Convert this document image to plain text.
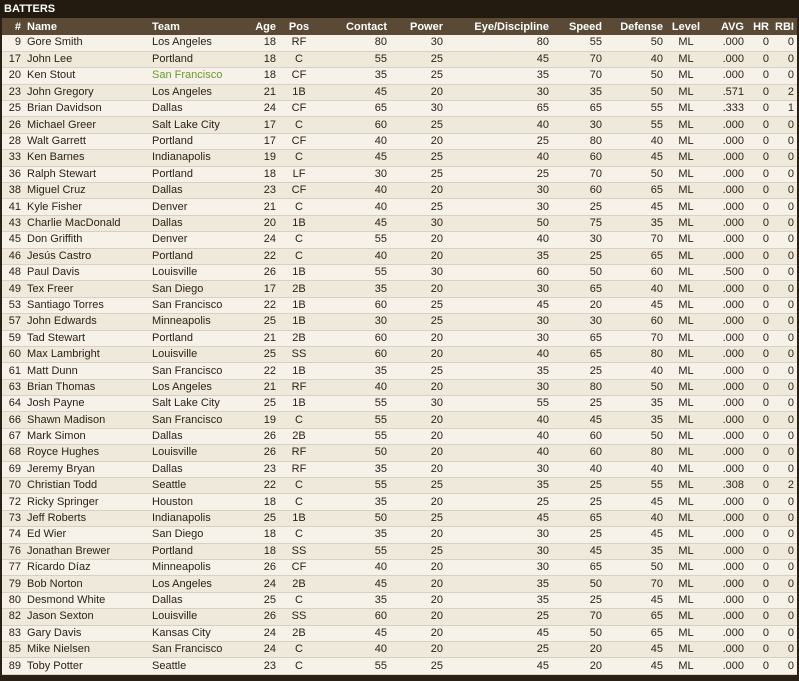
BATTERS
#	Name	Team	Age	Pos	Contact	Power	Eye/Discipline	Speed	Defense	Level	AVG	HR	RBI
9	Gore Smith	Los Angeles	18	RF	80	30	80	55	50	ML	.000	0	0
17	John Lee	Portland	18	C	55	25	45	70	40	ML	.000	0	0
20	Ken Stout	San Francisco	18	CF	35	25	35	70	50	ML	.000	0	0
23	John Gregory	Los Angeles	21	1B	45	20	30	35	50	ML	.571	0	2
25	Brian Davidson	Dallas	24	CF	65	30	65	65	55	ML	.333	0	1
26	Michael Greer	Salt Lake City	17	C	60	25	40	30	55	ML	.000	0	0
28	Walt Garrett	Portland	17	CF	40	20	25	80	40	ML	.000	0	0
33	Ken Barnes	Indianapolis	19	C	45	25	40	60	45	ML	.000	0	0
36	Ralph Stewart	Portland	18	LF	30	25	25	70	50	ML	.000	0	0
38	Miguel Cruz	Dallas	23	CF	40	20	30	60	65	ML	.000	0	0
41	Kyle Fisher	Denver	21	C	40	25	30	25	45	ML	.000	0	0
43	Charlie MacDonald	Dallas	20	1B	45	30	50	75	35	ML	.000	0	0
45	Don Griffith	Denver	24	C	55	20	40	30	70	ML	.000	0	0
46	Jesús Castro	Portland	22	C	40	20	35	25	65	ML	.000	0	0
48	Paul Davis	Louisville	26	1B	55	30	60	50	60	ML	.500	0	0
49	Tex Freer	San Diego	17	2B	35	20	30	65	40	ML	.000	0	0
53	Santiago Torres	San Francisco	22	1B	60	25	45	20	45	ML	.000	0	0
57	John Edwards	Minneapolis	25	1B	30	25	30	30	60	ML	.000	0	0
59	Tad Stewart	Portland	21	2B	60	20	30	65	70	ML	.000	0	0
60	Max Lambright	Louisville	25	SS	60	20	40	65	80	ML	.000	0	0
61	Matt Dunn	San Francisco	22	1B	35	25	35	25	40	ML	.000	0	0
63	Brian Thomas	Los Angeles	21	RF	40	20	30	80	50	ML	.000	0	0
64	Josh Payne	Salt Lake City	25	1B	55	30	55	25	35	ML	.000	0	0
66	Shawn Madison	San Francisco	19	C	55	20	40	45	35	ML	.000	0	0
67	Mark Simon	Dallas	26	2B	55	20	40	60	50	ML	.000	0	0
68	Royce Hughes	Louisville	26	RF	50	20	40	60	80	ML	.000	0	0
69	Jeremy Bryan	Dallas	23	RF	35	20	30	40	40	ML	.000	0	0
70	Christian Todd	Seattle	22	C	55	25	35	25	55	ML	.308	0	2
72	Ricky Springer	Houston	18	C	35	20	25	25	45	ML	.000	0	0
73	Jeff Roberts	Indianapolis	25	1B	50	25	45	65	40	ML	.000	0	0
74	Ed Wier	San Diego	18	C	35	20	30	25	45	ML	.000	0	0
76	Jonathan Brewer	Portland	18	SS	55	25	30	45	35	ML	.000	0	0
77	Ricardo Díaz	Minneapolis	26	CF	40	20	30	65	50	ML	.000	0	0
79	Bob Norton	Los Angeles	24	2B	45	20	35	50	70	ML	.000	0	0
80	Desmond White	Dallas	25	C	35	20	35	25	45	ML	.000	0	0
82	Jason Sexton	Louisville	26	SS	60	20	25	70	65	ML	.000	0	0
83	Gary Davis	Kansas City	24	2B	45	20	45	50	65	ML	.000	0	0
85	Mike Nielsen	San Francisco	24	C	40	20	25	20	45	ML	.000	0	0
89	Toby Potter	Seattle	23	C	55	25	45	20	45	ML	.000	0	0
